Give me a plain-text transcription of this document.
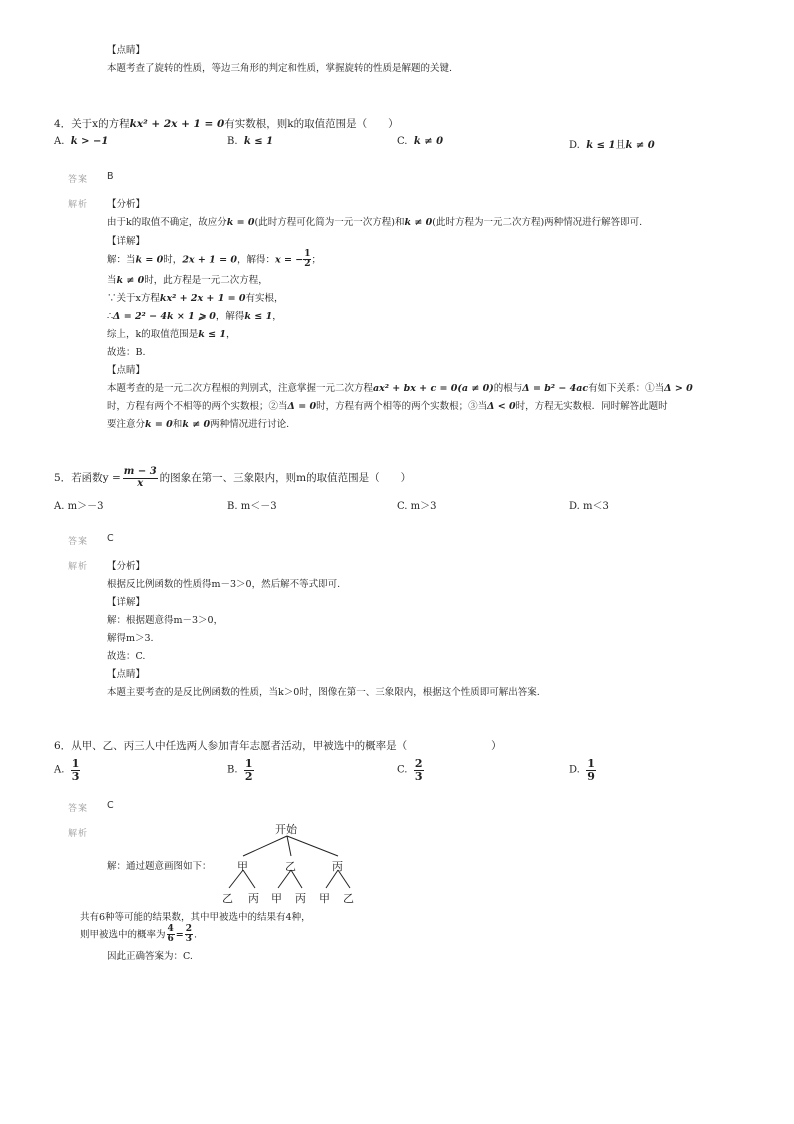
【点睛】
本题考查了旋转的性质，等边三角形的判定和性质，掌握旋转的性质是解题的关键.
4．关于x的方程kx² + 2x + 1 = 0有实数根，则k的取值范围是（　　）
A. k > −1	B. k ≤ 1	C. k ≠ 0	D. k ≤ 1且k ≠ 0
答案 B
解析 【分析】
由于k的取值不确定，故应分k = 0(此时方程可化简为一元一次方程)和k ≠ 0(此时方程为一元二次方程)两种情况进行解答即可.
【详解】
解：当k = 0时，2x + 1 = 0，解得：x = − $\frac{1}{2}$ ；
当k ≠ 0时，此方程是一元二次方程，
∵关于x方程kx² + 2x + 1 = 0有实根，
∴Δ = 2² − 4k × 1 ⩾ 0，解得k ≤ 1，
综上，k的取值范围是k ≤ 1，
故选：B.
【点睛】
本题考查的是一元二次方程根的判别式，注意掌握一元二次方程ax² + bx + c = 0(a ≠ 0)的根与Δ = b² − 4ac有如下关系：①当Δ > 0
时，方程有两个不相等的两个实数根；②当Δ = 0时，方程有两个相等的两个实数根；③当Δ < 0时，方程无实数根．同时解答此题时
要注意分k = 0和k ≠ 0两种情况进行讨论.
5．若函数$y = \frac{m - 3}{x}$ 的图象在第一、三象限内，则m的取值范围是（　　）
A. m＞－3	B. m＜－3	C. m＞3	D. m＜3
答案 C
解析 【分析】
根据反比例函数的性质得m－3＞0，然后解不等式即可.
【详解】
解：根据题意得m－3＞0，
解得m＞3.
故选：C.
【点睛】
本题主要考查的是反比例函数的性质，当k＞0时，图像在第一、三象限内，根据这个性质即可解出答案.
6．从甲、乙、丙三人中任选两人参加青年志愿者活动，甲被选中的概率是（　　　　　　　　）
A. $\frac{1}{3}$	B. $\frac{1}{2}$	C. $\frac{2}{3}$	D. $\frac{1}{9}$
答案 C
解析
解：通过题意画图如下：
开始
甲	乙	丙
乙 丙 甲 丙 甲 乙
共有6种等可能的结果数，其中甲被选中的结果有4种，
则甲被选中的概率为 $\frac{4}{6} = \frac{2}{3}$ .
因此正确答案为：C.
